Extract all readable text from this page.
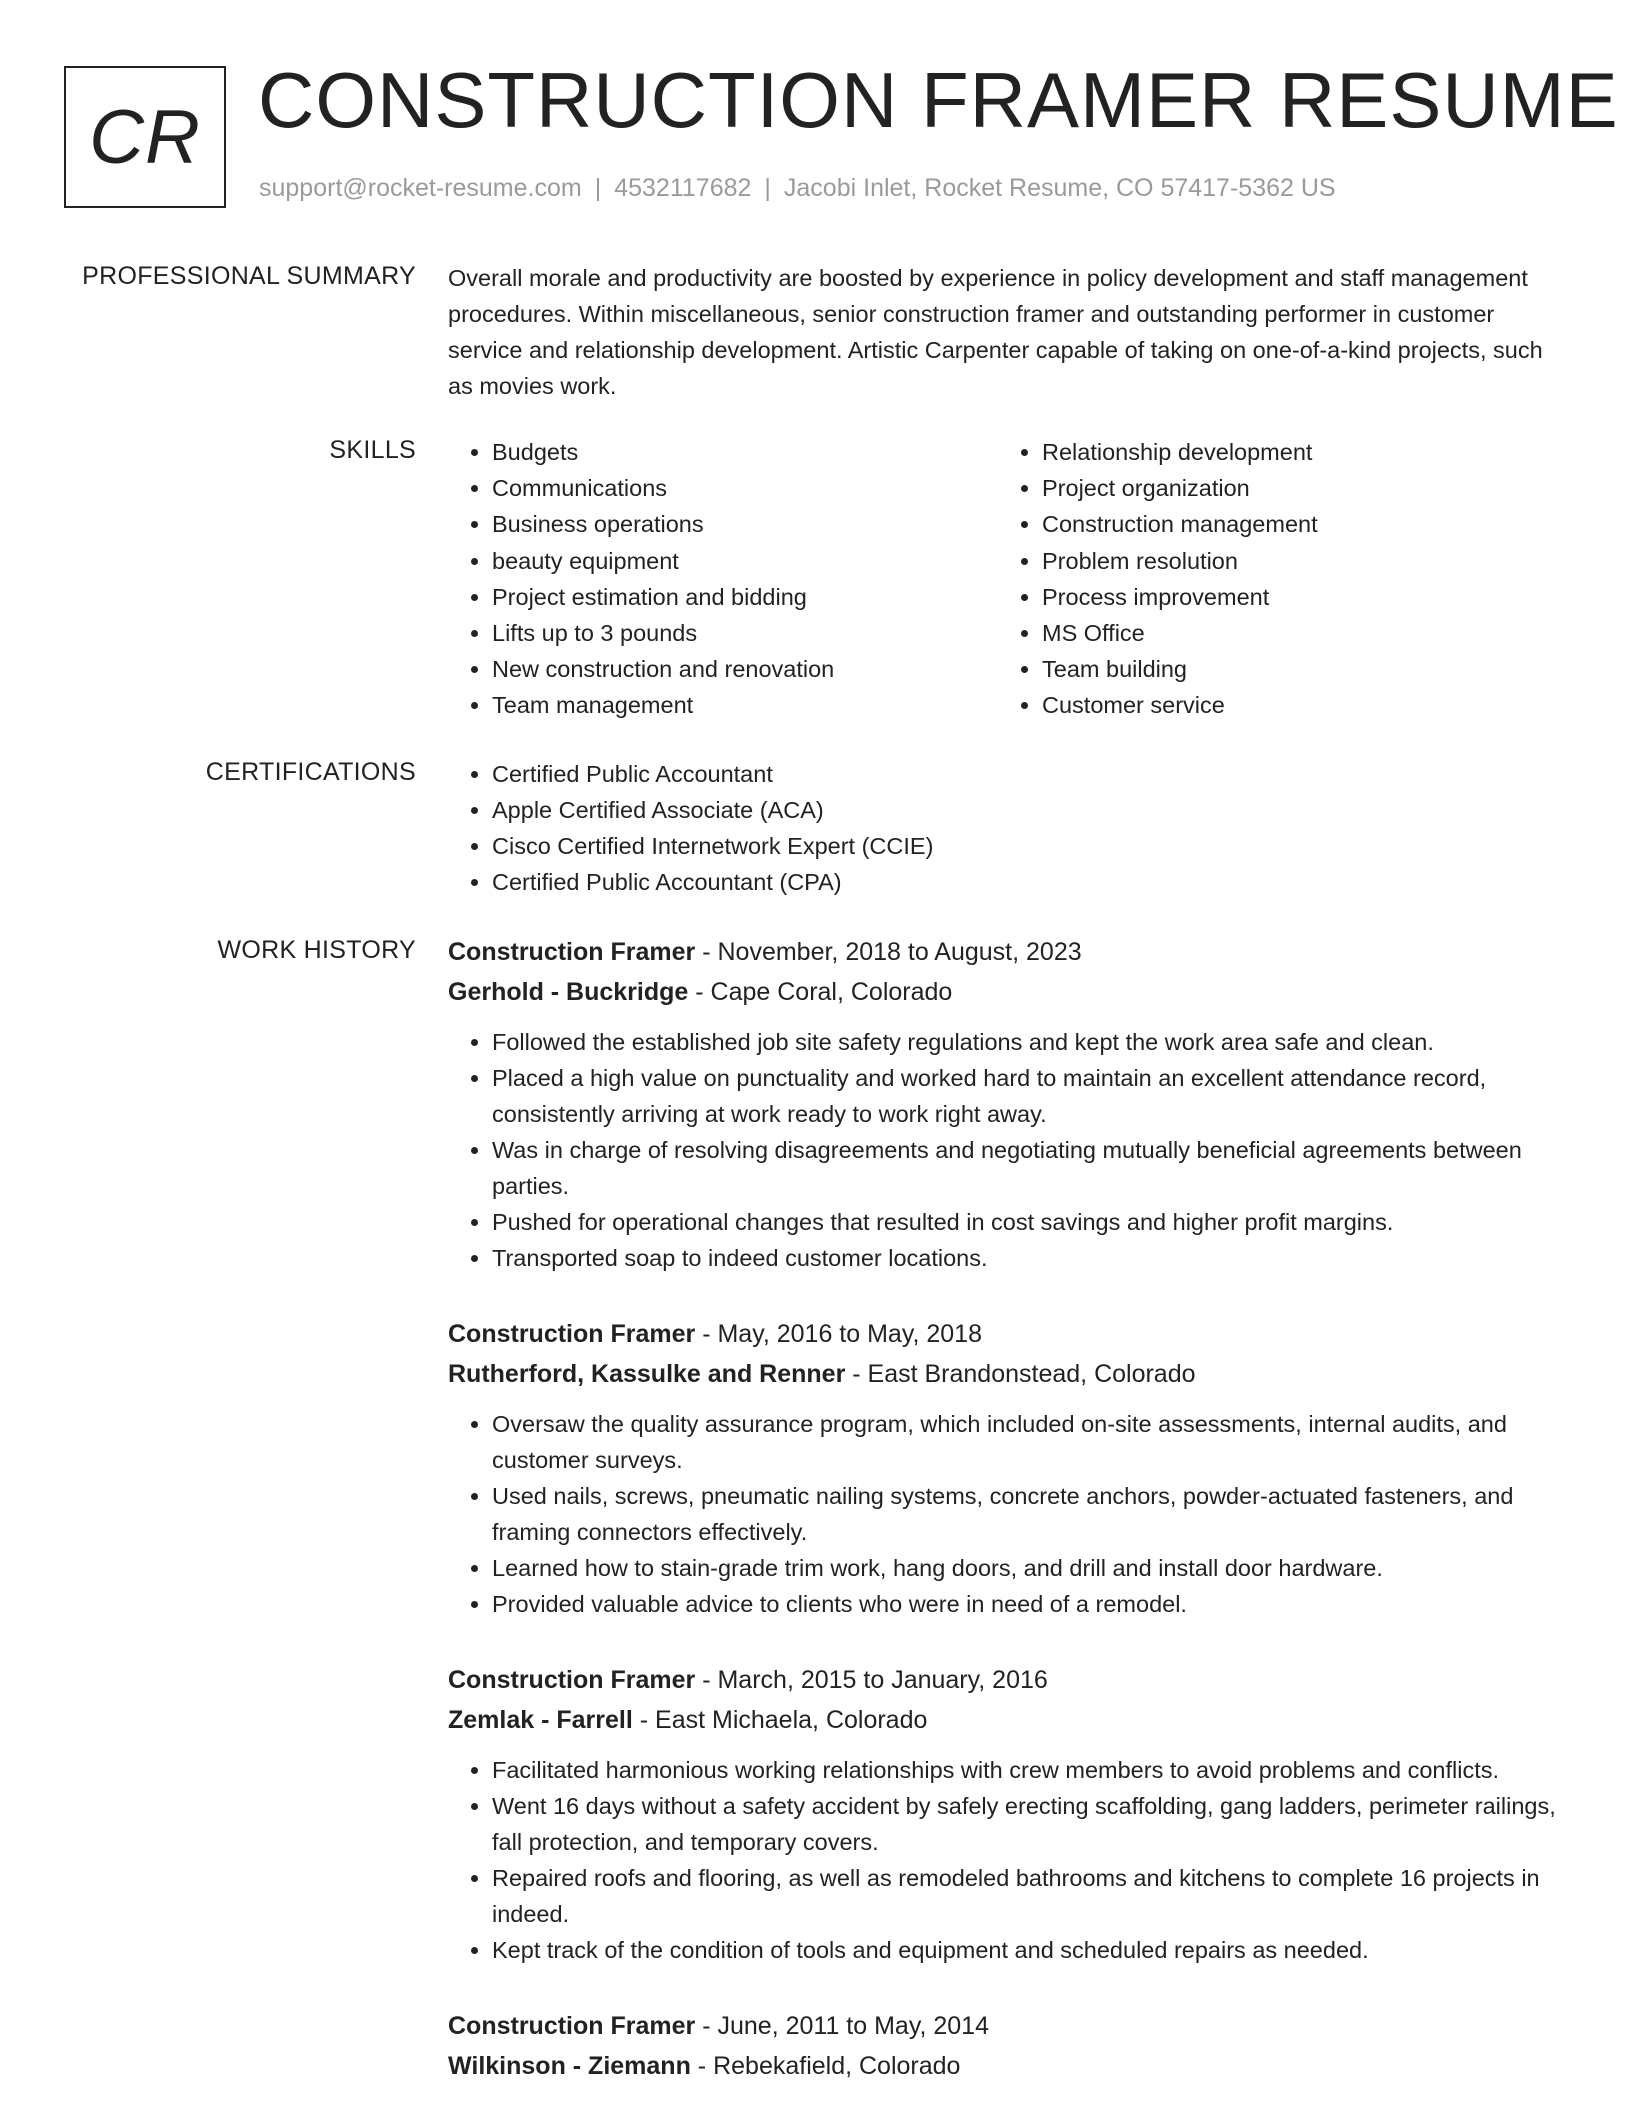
CR CONSTRUCTION FRAMER RESUME
support@rocket-resume.com | 4532117682 | Jacobi Inlet, Rocket Resume, CO 57417-5362 US
PROFESSIONAL SUMMARY Overall morale and productivity are boosted by experience in policy development and staff management procedures. Within miscellaneous, senior construction framer and outstanding performer in customer service and relationship development. Artistic Carpenter capable of taking on one-of-a-kind projects, such as movies work.

SKILLS	• Budgets
• Communications
• Business operations
• beauty equipment
• Project estimation and bidding
• Lifts up to 3 pounds
• New construction and renovation
• Team management
• Relationship development
• Project organization
• Construction management
• Problem resolution
• Process improvement
• MS Office
• Team building
• Customer service
CERTIFICATIONS	• Certified Public Accountant
• Apple Certified Associate (ACA)
• Cisco Certified Internetwork Expert (CCIE)
• Certified Public Accountant (CPA)
WORK HISTORY Construction Framer - November, 2018 to August, 2023
Gerhold - Buckridge - Cape Coral, Colorado
• Followed the established job site safety regulations and kept the work area safe and clean.
• Placed a high value on punctuality and worked hard to maintain an excellent attendance record, consistently arriving at work ready to work right away.
• Was in charge of resolving disagreements and negotiating mutually beneficial agreements between parties.
• Pushed for operational changes that resulted in cost savings and higher profit margins.
• Transported soap to indeed customer locations.
Construction Framer - May, 2016 to May, 2018
Rutherford, Kassulke and Renner - East Brandonstead, Colorado
• Oversaw the quality assurance program, which included on-site assessments, internal audits, and customer surveys.
• Used nails, screws, pneumatic nailing systems, concrete anchors, powder-actuated fasteners, and framing connectors effectively.
• Learned how to stain-grade trim work, hang doors, and drill and install door hardware.
• Provided valuable advice to clients who were in need of a remodel.
Construction Framer - March, 2015 to January, 2016
Zemlak - Farrell - East Michaela, Colorado
• Facilitated harmonious working relationships with crew members to avoid problems and conflicts.
• Went 16 days without a safety accident by safely erecting scaffolding, gang ladders, perimeter railings, fall protection, and temporary covers.
• Repaired roofs and flooring, as well as remodeled bathrooms and kitchens to complete 16 projects in indeed.
• Kept track of the condition of tools and equipment and scheduled repairs as needed.
Construction Framer - June, 2011 to May, 2014
Wilkinson - Ziemann - Rebekafield, Colorado
